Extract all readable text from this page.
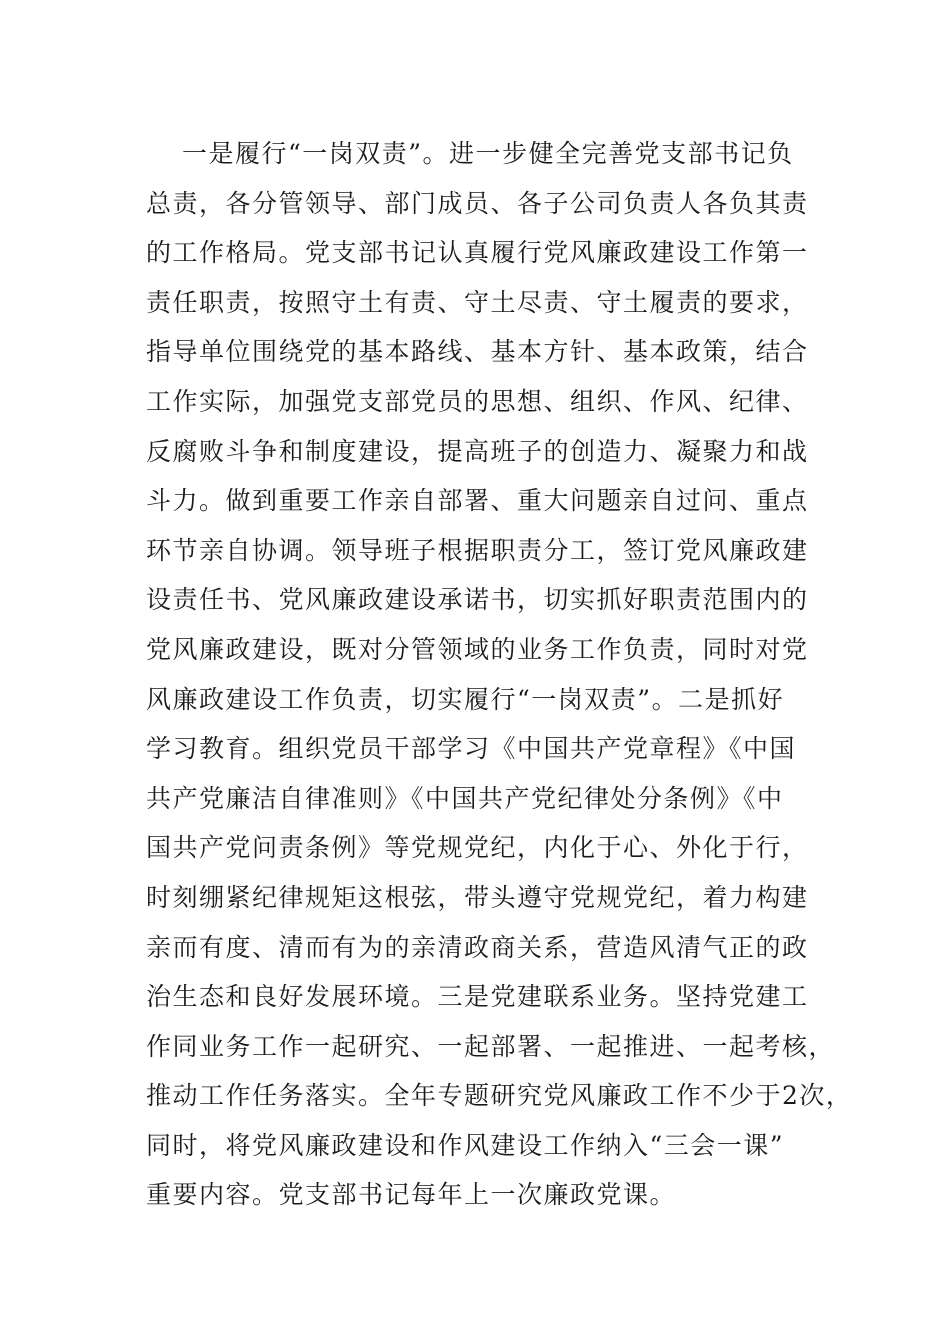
一是履行“一岗双责”。进一步健全完善党支部书记负
总责，各分管领导、部门成员、各子公司负责人各负其责
的工作格局。党支部书记认真履行党风廉政建设工作第一
责任职责，按照守土有责、守土尽责、守土履责的要求，
指导单位围绕党的基本路线、基本方针、基本政策，结合
工作实际，加强党支部党员的思想、组织、作风、纪律、
反腐败斗争和制度建设，提高班子的创造力、凝聚力和战
斗力。做到重要工作亲自部署、重大问题亲自过问、重点
环节亲自协调。领导班子根据职责分工，签订党风廉政建
设责任书、党风廉政建设承诺书，切实抓好职责范围内的
党风廉政建设，既对分管领域的业务工作负责，同时对党
风廉政建设工作负责，切实履行“一岗双责”。二是抓好
学习教育。组织党员干部学习《中国共产党章程》《中国
共产党廉洁自律准则》《中国共产党纪律处分条例》《中
国共产党问责条例》等党规党纪，内化于心、外化于行，
时刻绷紧纪律规矩这根弦，带头遵守党规党纪，着力构建
亲而有度、清而有为的亲清政商关系，营造风清气正的政
治生态和良好发展环境。三是党建联系业务。坚持党建工
作同业务工作一起研究、一起部署、一起推进、一起考核，
推动工作任务落实。全年专题研究党风廉政工作不少于2次，
同时，将党风廉政建设和作风建设工作纳入“三会一课”
重要内容。党支部书记每年上一次廉政党课。
